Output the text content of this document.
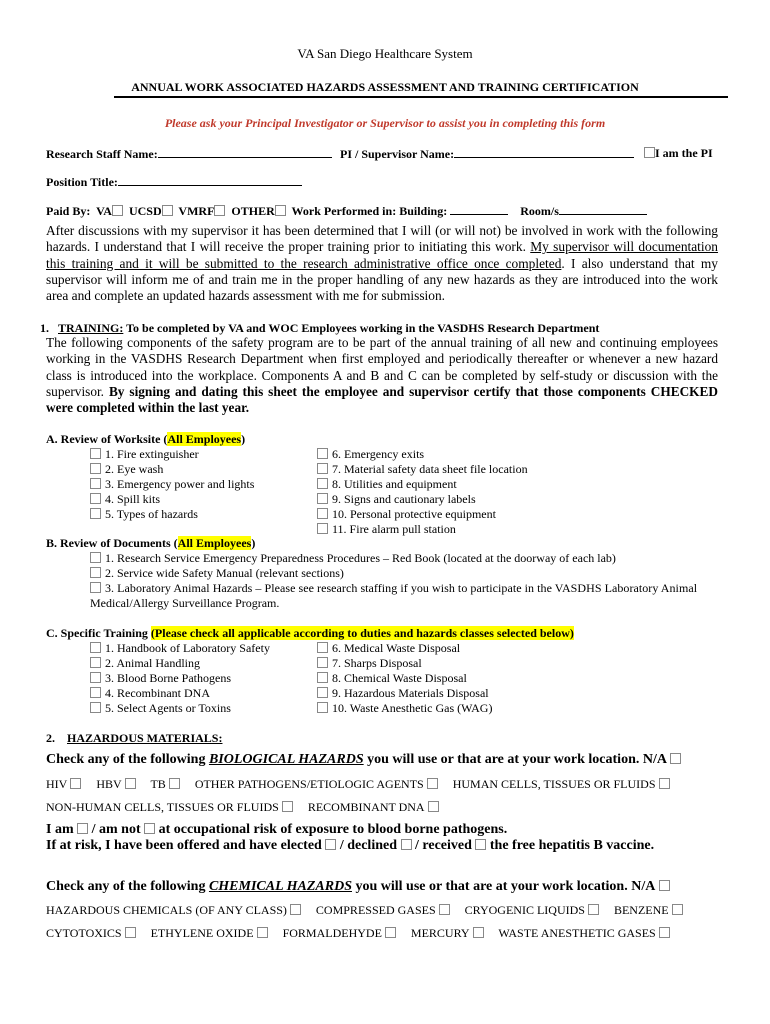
VA San Diego Healthcare System
ANNUAL WORK ASSOCIATED HAZARDS ASSESSMENT AND TRAINING CERTIFICATION
Please ask your Principal Investigator or Supervisor to assist you in completing this form
Research Staff Name:	PI / Supervisor Name:	I am the PI
Position Title:
Paid By: VA UCSD VMRF OTHER Work Performed in: Building:	Room/s
After discussions with my supervisor it has been determined that I will (or will not) be involved in work with the following hazards. I understand that I will receive the proper training prior to initiating this work. My supervisor will documentation this training and it will be submitted to the research administrative office once completed. I also understand that my supervisor will inform me of and train me in the proper handling of any new hazards as they are introduced into the work area and complete an updated hazards assessment with me for submission.
1. TRAINING: To be completed by VA and WOC Employees working in the VASDHS Research Department
The following components of the safety program are to be part of the annual training of all new and continuing employees working in the VASDHS Research Department when first employed and periodically thereafter or whenever a new hazard class is introduced into the workplace. Components A and B and C can be completed by self-study or discussion with the supervisor. By signing and dating this sheet the employee and supervisor certify that those components CHECKED were completed within the last year.
A. Review of Worksite (All Employees)
1. Fire extinguisher
2. Eye wash
3. Emergency power and lights
4. Spill kits
5. Types of hazards
6. Emergency exits
7. Material safety data sheet file location
8. Utilities and equipment
9. Signs and cautionary labels
10. Personal protective equipment
11. Fire alarm pull station
B. Review of Documents (All Employees)
1. Research Service Emergency Preparedness Procedures – Red Book (located at the doorway of each lab)
2. Service wide Safety Manual (relevant sections)
3. Laboratory Animal Hazards – Please see research staffing if you wish to participate in the VASDHS Laboratory Animal
Medical/Allergy Surveillance Program.
C. Specific Training (Please check all applicable according to duties and hazards classes selected below)
1. Handbook of Laboratory Safety
2. Animal Handling
3. Blood Borne Pathogens
4. Recombinant DNA
5. Select Agents or Toxins
6. Medical Waste Disposal
7. Sharps Disposal
8. Chemical Waste Disposal
9. Hazardous Materials Disposal
10. Waste Anesthetic Gas (WAG)
2. HAZARDOUS MATERIALS:
Check any of the following BIOLOGICAL HAZARDS you will use or that are at your work location. N/A
HIV HBV TB OTHER PATHOGENS/ETIOLOGIC AGENTS HUMAN CELLS, TISSUES OR FLUIDS
NON-HUMAN CELLS, TISSUES OR FLUIDS RECOMBINANT DNA
I am / am not at occupational risk of exposure to blood borne pathogens.
If at risk, I have been offered and have elected / declined / received the free hepatitis B vaccine.
Check any of the following CHEMICAL HAZARDS you will use or that are at your work location. N/A
HAZARDOUS CHEMICALS (OF ANY CLASS) COMPRESSED GASES CRYOGENIC LIQUIDS BENZENE
CYTOTOXICS ETHYLENE OXIDE FORMALDEHYDE MERCURY WASTE ANESTHETIC GASES
